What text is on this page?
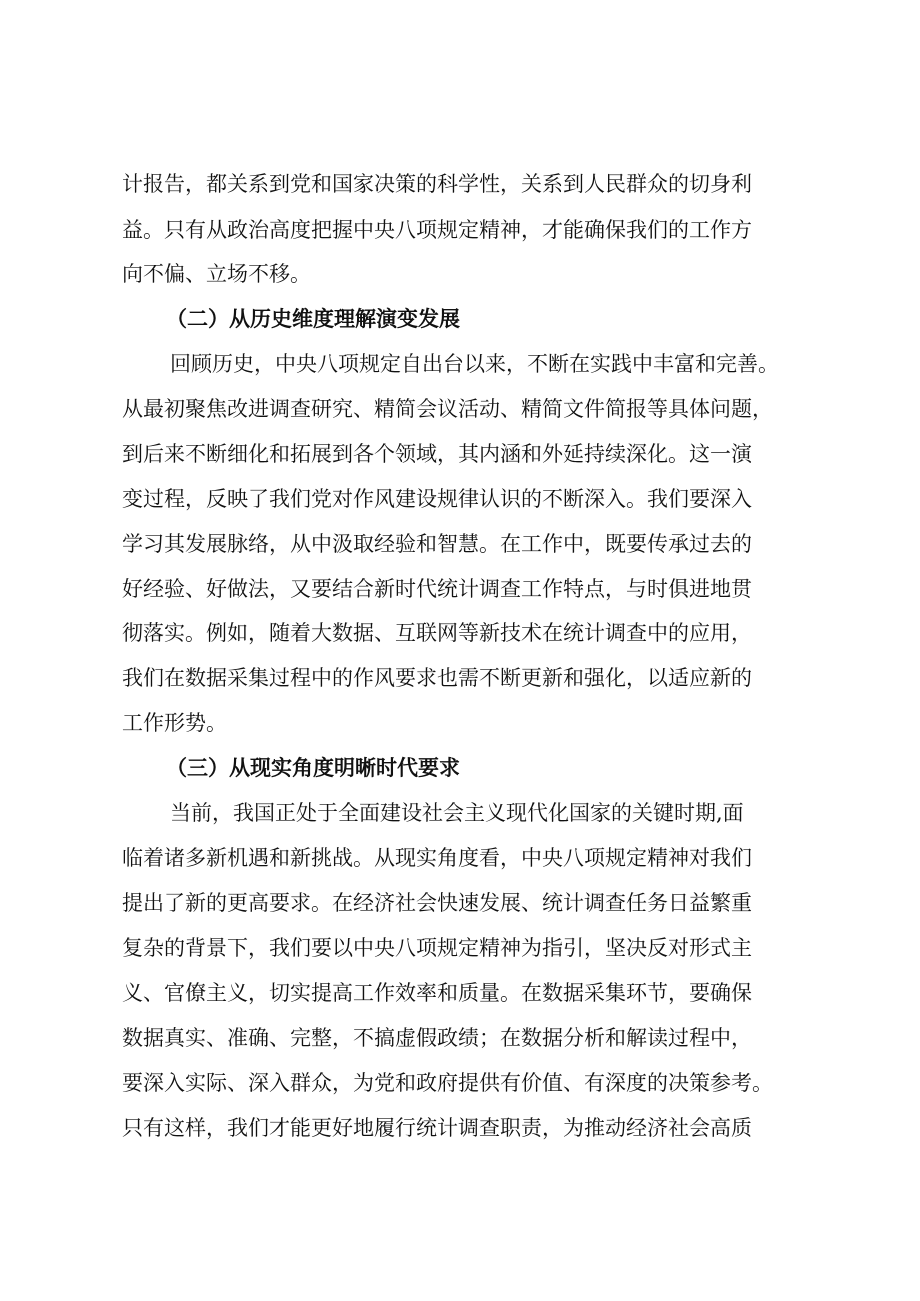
计报告，都关系到党和国家决策的科学性，关系到人民群众的切身利

益。只有从政治高度把握中央八项规定精神，才能确保我们的工作方

向不偏、立场不移。

（二）从历史维度理解演变发展

回顾历史，中央八项规定自出台以来，不断在实践中丰富和完善。

从最初聚焦改进调查研究、精简会议活动、精简文件简报等具体问题，

到后来不断细化和拓展到各个领域，其内涵和外延持续深化。这一演

变过程，反映了我们党对作风建设规律认识的不断深入。我们要深入

学习其发展脉络，从中汲取经验和智慧。在工作中，既要传承过去的

好经验、好做法，又要结合新时代统计调查工作特点，与时俱进地贯

彻落实。例如，随着大数据、互联网等新技术在统计调查中的应用，

我们在数据采集过程中的作风要求也需不断更新和强化，以适应新的

工作形势。

（三）从现实角度明晰时代要求

当前，我国正处于全面建设社会主义现代化国家的关键时期,面

临着诸多新机遇和新挑战。从现实角度看，中央八项规定精神对我们

提出了新的更高要求。在经济社会快速发展、统计调查任务日益繁重

复杂的背景下，我们要以中央八项规定精神为指引，坚决反对形式主

义、官僚主义，切实提高工作效率和质量。在数据采集环节，要确保

数据真实、准确、完整，不搞虚假政绩；在数据分析和解读过程中，

要深入实际、深入群众，为党和政府提供有价值、有深度的决策参考。

只有这样，我们才能更好地履行统计调查职责，为推动经济社会高质
